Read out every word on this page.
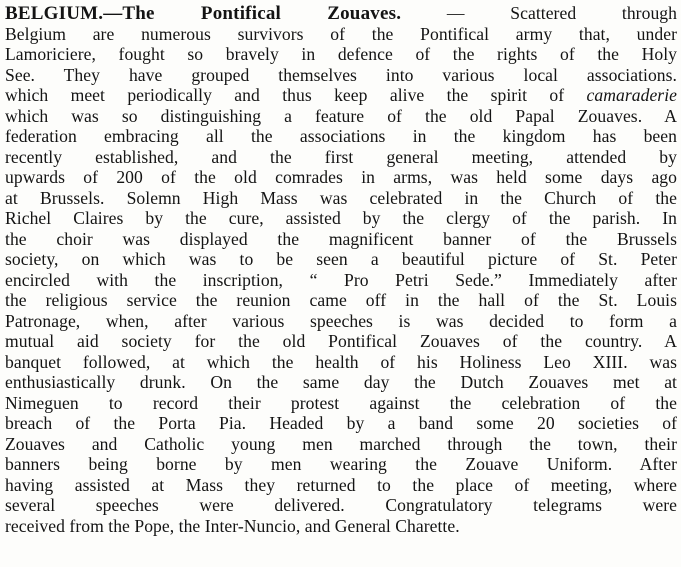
BELGIUM.—The Pontifical Zouaves. — Scattered through
Belgium are numerous survivors of the Pontifical army that, under
Lamoriciere, fought so bravely in defence of the rights of the Holy
See. They have grouped themselves into various local associations.
which meet periodically and thus keep alive the spirit of camaraderie
which was so distinguishing a feature of the old Papal Zouaves. A
federation embracing all the associations in the kingdom has been
recently established, and the first general meeting, attended by
upwards of 200 of the old comrades in arms, was held some days ago
at Brussels. Solemn High Mass was celebrated in the Church of the
Richel Claires by the cure, assisted by the clergy of the parish. In
the choir was displayed the magnificent banner of the Brussels
society, on which was to be seen a beautiful picture of St. Peter
encircled with the inscription, “ Pro Petri Sede.” Immediately after
the religious service the reunion came off in the hall of the St. Louis
Patronage, when, after various speeches is was decided to form a
mutual aid society for the old Pontifical Zouaves of the country. A
banquet followed, at which the health of his Holiness Leo XIII. was
enthusiastically drunk. On the same day the Dutch Zouaves met at
Nimeguen to record their protest against the celebration of the
breach of the Porta Pia. Headed by a band some 20 societies of
Zouaves and Catholic young men marched through the town, their
banners being borne by men wearing the Zouave Uniform. After
having assisted at Mass they returned to the place of meeting, where
several speeches were delivered. Congratulatory telegrams were
received from the Pope, the Inter-Nuncio, and General Charette.
